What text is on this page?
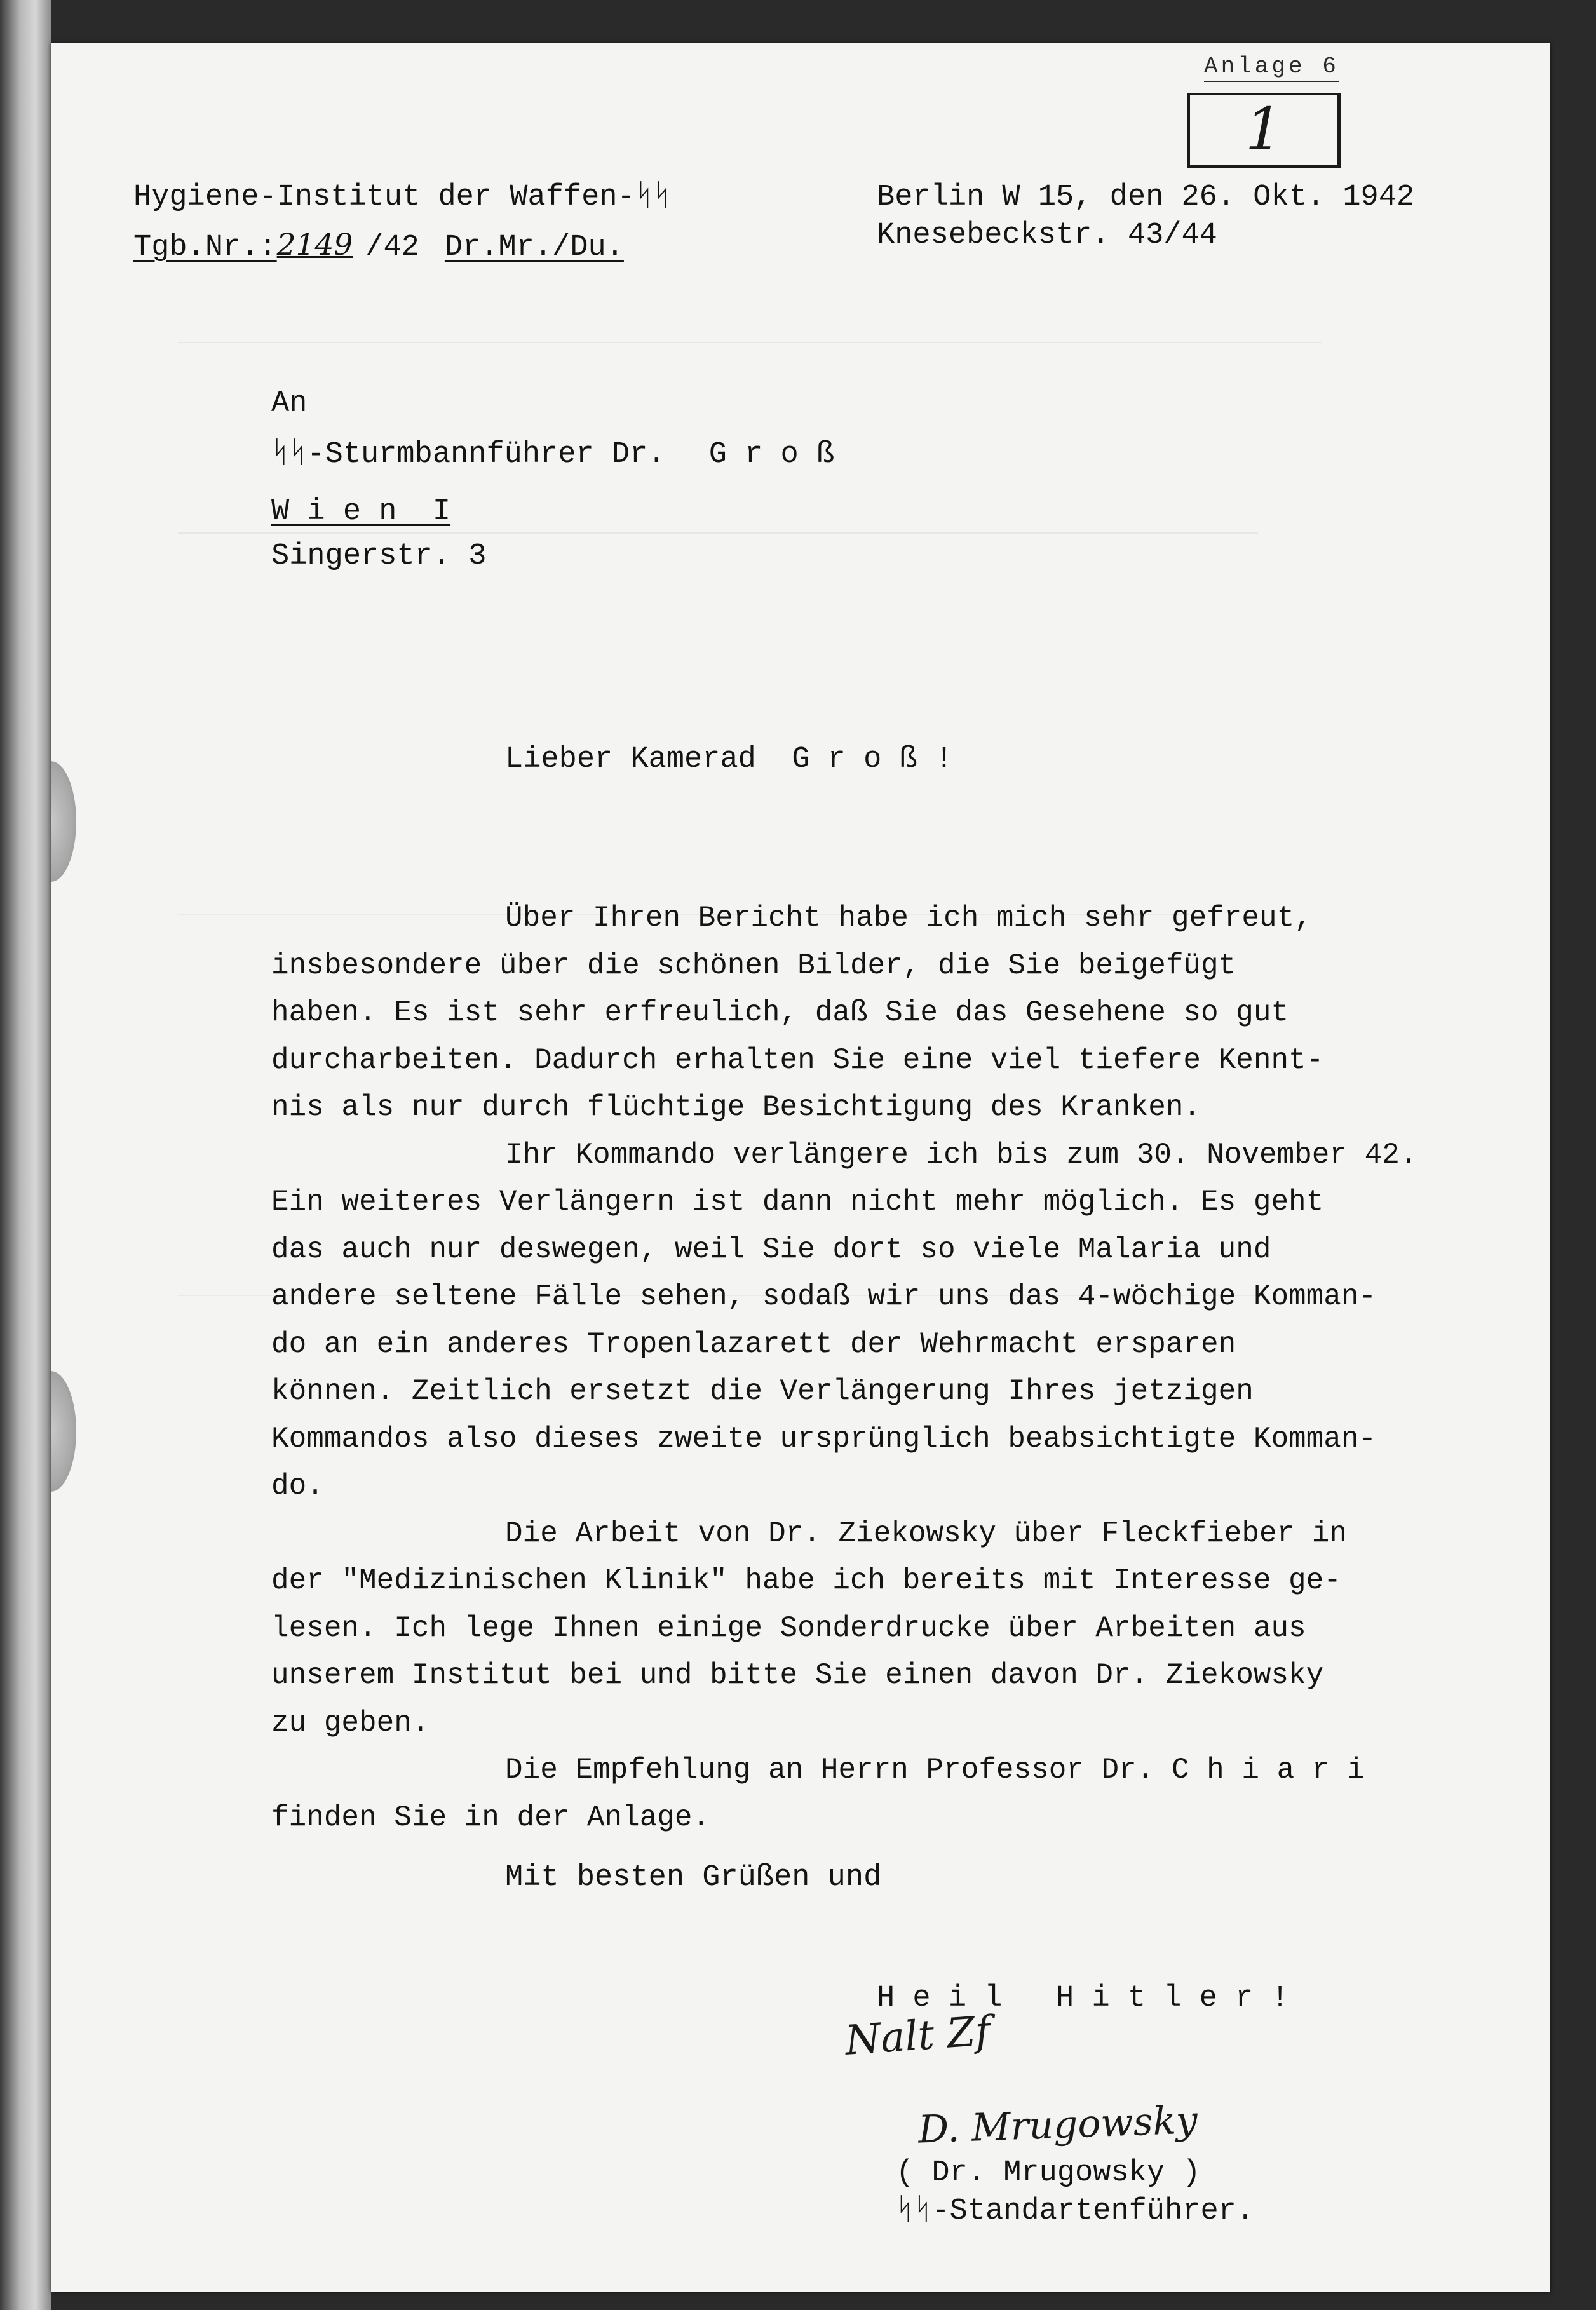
Anlage 6
1
Hygiene-Institut der Waffen-ᛋᛋ
Tgb.Nr.:2149 /42 Dr.Mr./Du.
Berlin W 15, den 26. Okt. 1942
Knesebeckstr. 43/44
An
ᛋᛋ-Sturmbannführer Dr. G r o ß
W i e n  I
Singerstr. 3
Lieber Kamerad  G r o ß !
Über Ihren Bericht habe ich mich sehr gefreut,
insbesondere über die schönen Bilder, die Sie beigefügt
haben. Es ist sehr erfreulich, daß Sie das Gesehene so gut
durcharbeiten. Dadurch erhalten Sie eine viel tiefere Kennt-
nis als nur durch flüchtige Besichtigung des Kranken.
Ihr Kommando verlängere ich bis zum 30. November 42.
Ein weiteres Verlängern ist dann nicht mehr möglich. Es geht
das auch nur deswegen, weil Sie dort so viele Malaria und
andere seltene Fälle sehen, sodaß wir uns das 4-wöchige Komman-
do an ein anderes Tropenlazarett der Wehrmacht ersparen
können. Zeitlich ersetzt die Verlängerung Ihres jetzigen
Kommandos also dieses zweite ursprünglich beabsichtigte Komman-
do.
Die Arbeit von Dr. Ziekowsky über Fleckfieber in
der "Medizinischen Klinik" habe ich bereits mit Interesse ge-
lesen. Ich lege Ihnen einige Sonderdrucke über Arbeiten aus
unserem Institut bei und bitte Sie einen davon Dr. Ziekowsky
zu geben.
Die Empfehlung an Herrn Professor Dr. C h i a r i
finden Sie in der Anlage.
Mit besten Grüßen und
H e i l   H i t l e r !
Nalt Zf
D. Mrugowsky
( Dr. Mrugowsky )
ᛋᛋ-Standartenführer.
